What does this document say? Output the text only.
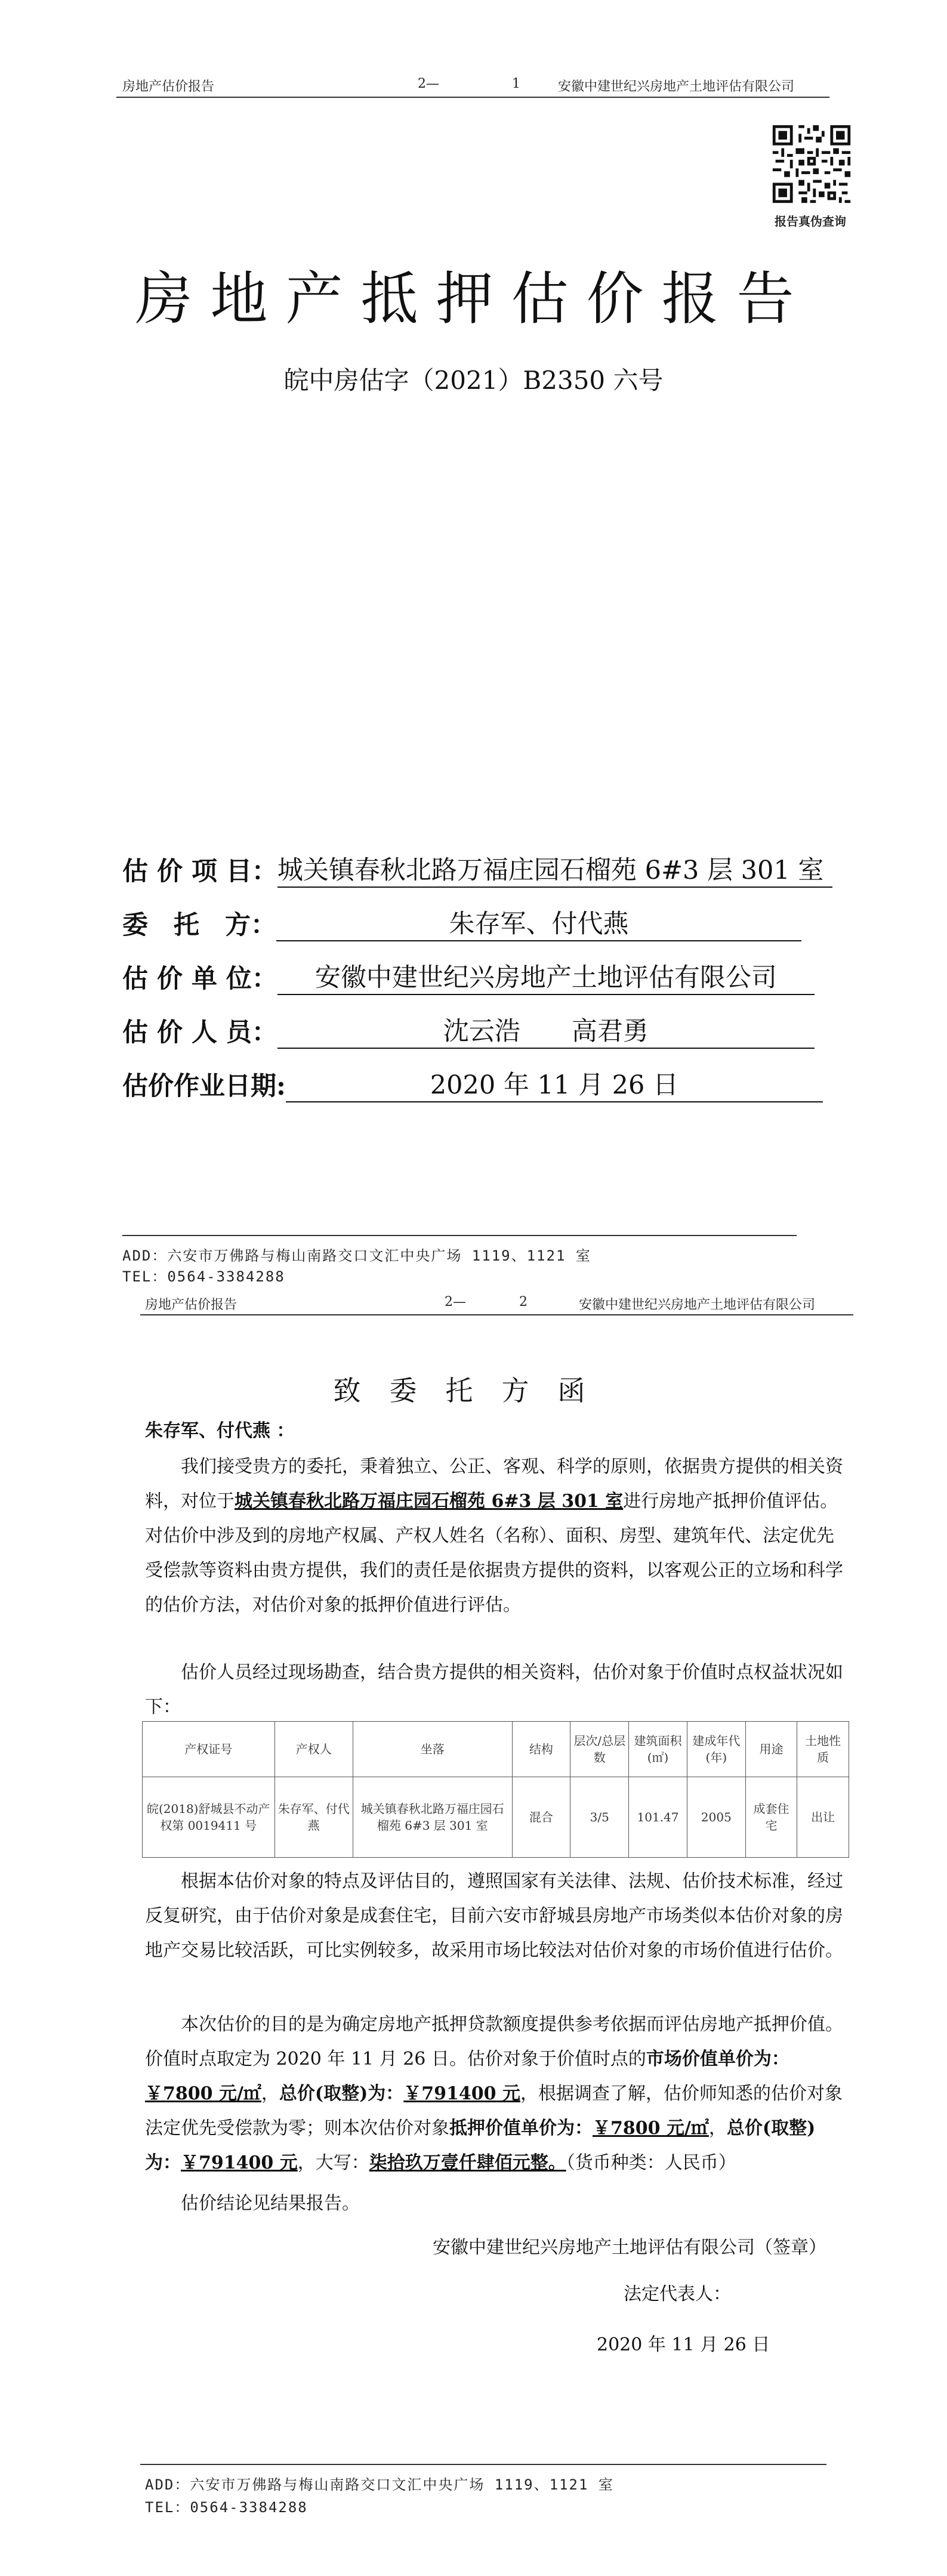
房地产估价报告	2—	1	安徽中建世纪兴房地产土地评估有限公司
报告真伪查询
房地产抵押估价报告
皖中房估字（2021）B2350 六号
估 价 项 目： 城关镇春秋北路万福庄园石榴苑 6#3 层 301 室
委　托　方：	朱存军、付代燕
估 价 单 位：	安徽中建世纪兴房地产土地评估有限公司
估 价 人 员：	沈云浩　　高君勇
估价作业日期:	2020 年 11 月 26 日
ADD：六安市万佛路与梅山南路交口文汇中央广场 1119、1121 室
TEL：0564-3384288
房地产估价报告	2—	2	安徽中建世纪兴房地产土地评估有限公司
致委托方函
朱存军、付代燕 ：
我们接受贵方的委托，秉着独立、公正、客观、科学的原则，依据贵方提供的相关资料，对位于城关镇春秋北路万福庄园石榴苑 6#3 层 301 室进行房地产抵押价值评估。对估价中涉及到的房地产权属、产权人姓名（名称）、面积、房型、建筑年代、法定优先受偿款等资料由贵方提供，我们的责任是依据贵方提供的资料，以客观公正的立场和科学的估价方法，对估价对象的抵押价值进行评估。
估价人员经过现场勘查，结合贵方提供的相关资料，估价对象于价值时点权益状况如下：
产权证号	产权人	坐落	结构	层次/总层数	建筑面积(㎡)	建成年代(年)	用途	土地性质
皖(2018)舒城县不动产权第 0019411 号	朱存军、付代燕	城关镇春秋北路万福庄园石榴苑 6#3 层 301 室	混合	3/5	101.47	2005	成套住宅	出让
根据本估价对象的特点及评估目的，遵照国家有关法律、法规、估价技术标准，经过反复研究，由于估价对象是成套住宅，目前六安市舒城县房地产市场类似本估价对象的房地产交易比较活跃，可比实例较多，故采用市场比较法对估价对象的市场价值进行估价。
本次估价的目的是为确定房地产抵押贷款额度提供参考依据而评估房地产抵押价值。价值时点取定为 2020 年 11 月 26 日。估价对象于价值时点的市场价值单价为：￥7800 元/㎡，总价(取整)为：￥791400 元，根据调查了解，估价师知悉的估价对象法定优先受偿款为零；则本次估价对象抵押价值单价为：￥7800 元/㎡，总价(取整)为：￥791400 元，大写：柒拾玖万壹仟肆佰元整。（货币种类：人民币）
估价结论见结果报告。
安徽中建世纪兴房地产土地评估有限公司（签章）
法定代表人：
2020 年 11 月 26 日
ADD：六安市万佛路与梅山南路交口文汇中央广场 1119、1121 室
TEL：0564-3384288
